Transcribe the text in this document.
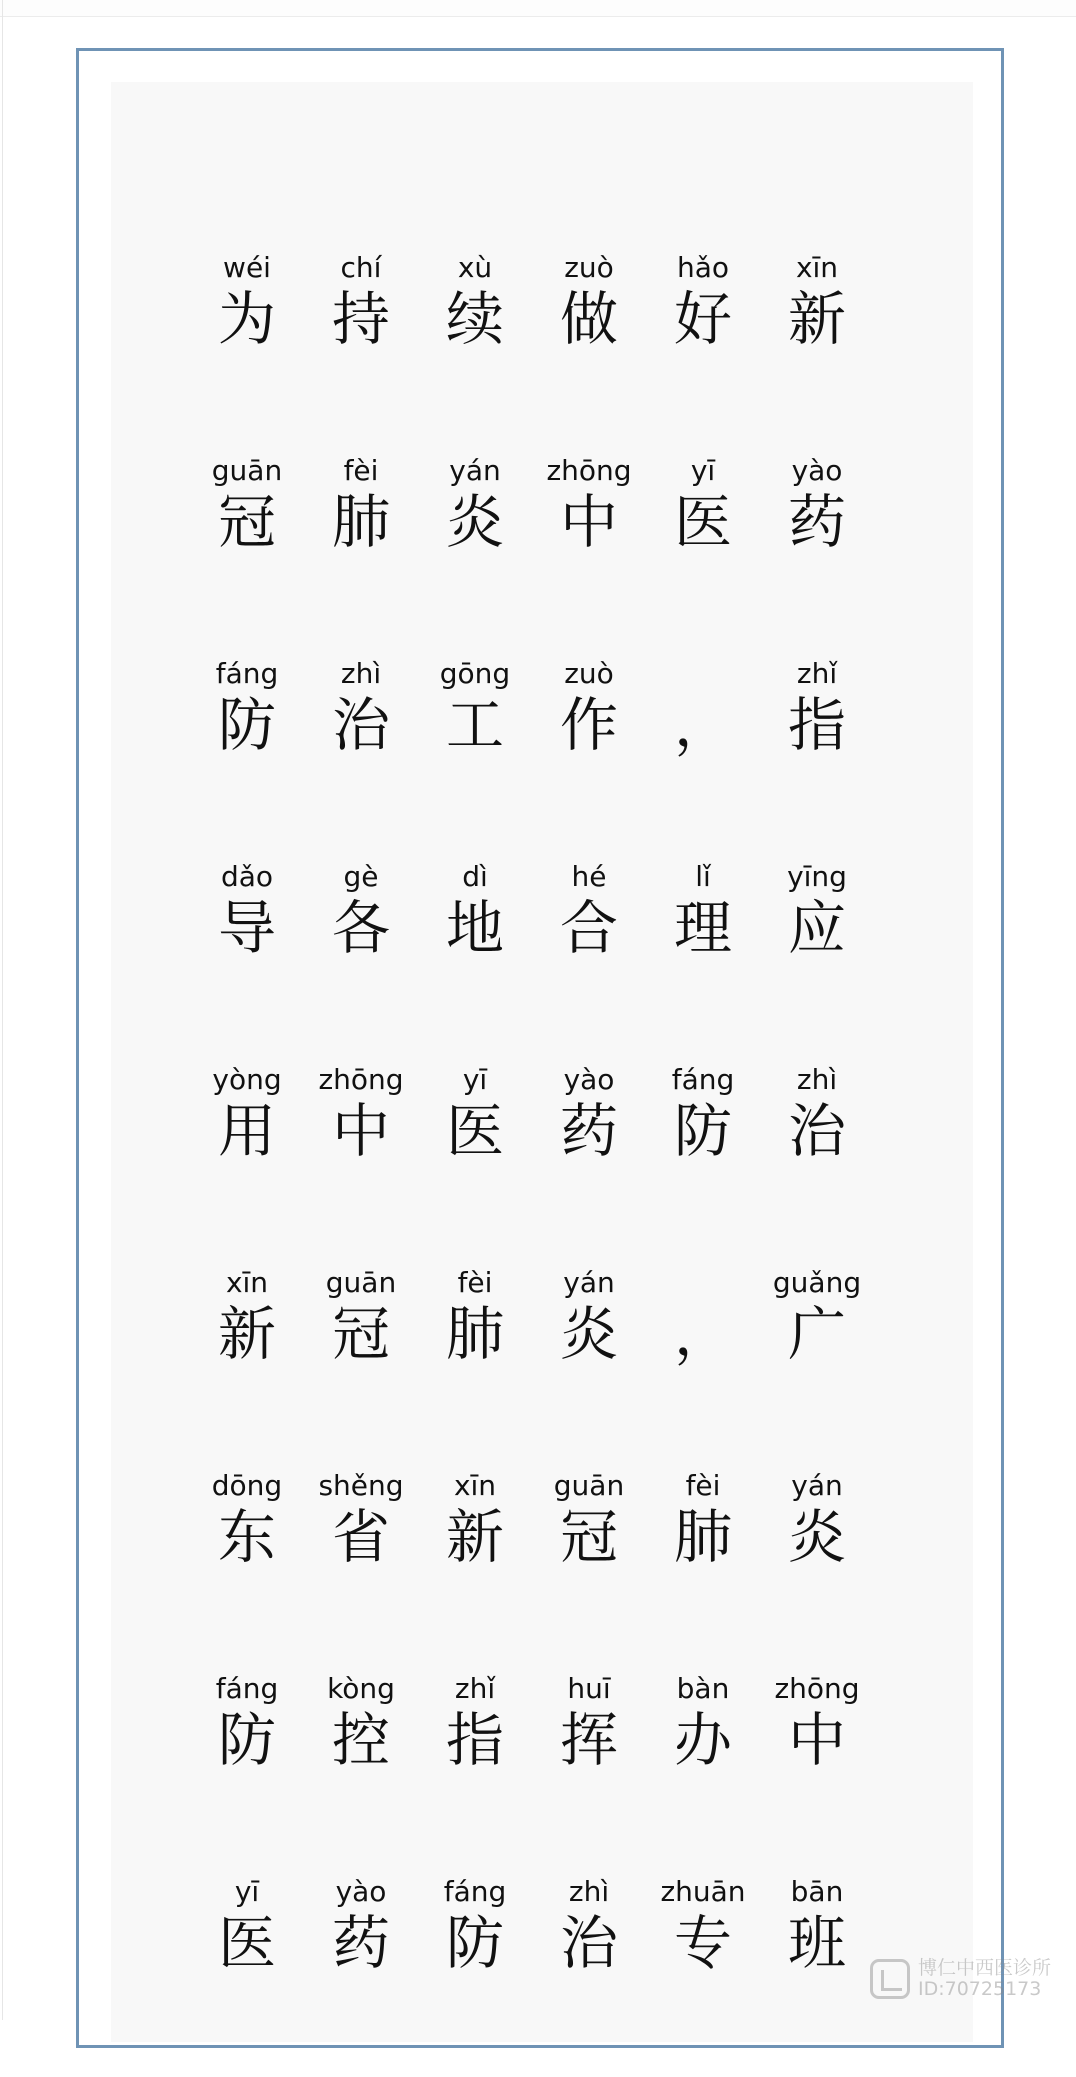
wéi
为
chí
持
xù
续
zuò
做
hǎo
好
xīn
新
guān
冠
fèi
肺
yán
炎
zhōng
中
yī
医
yào
药
fáng
防
zhì
治
gōng
工
zuò
作 ，
zhǐ
指
dǎo
导
gè
各
dì
地
hé
合
lǐ
理
yīng
应
yòng
用
zhōng
中
yī
医
yào
药
fáng
防
zhì
治
xīn
新
guān
冠
fèi
肺
yán
炎 ，
guǎng
广
dōng
东
shěng
省
xīn
新
guān
冠
fèi
肺
yán
炎
fáng
防
kòng
控
zhǐ
指
huī
挥
bàn
办
zhōng
中
yī
医
yào
药
fáng
防
zhì
治
zhuān
专
bān
班	博仁中西医诊所
ID:70725173
